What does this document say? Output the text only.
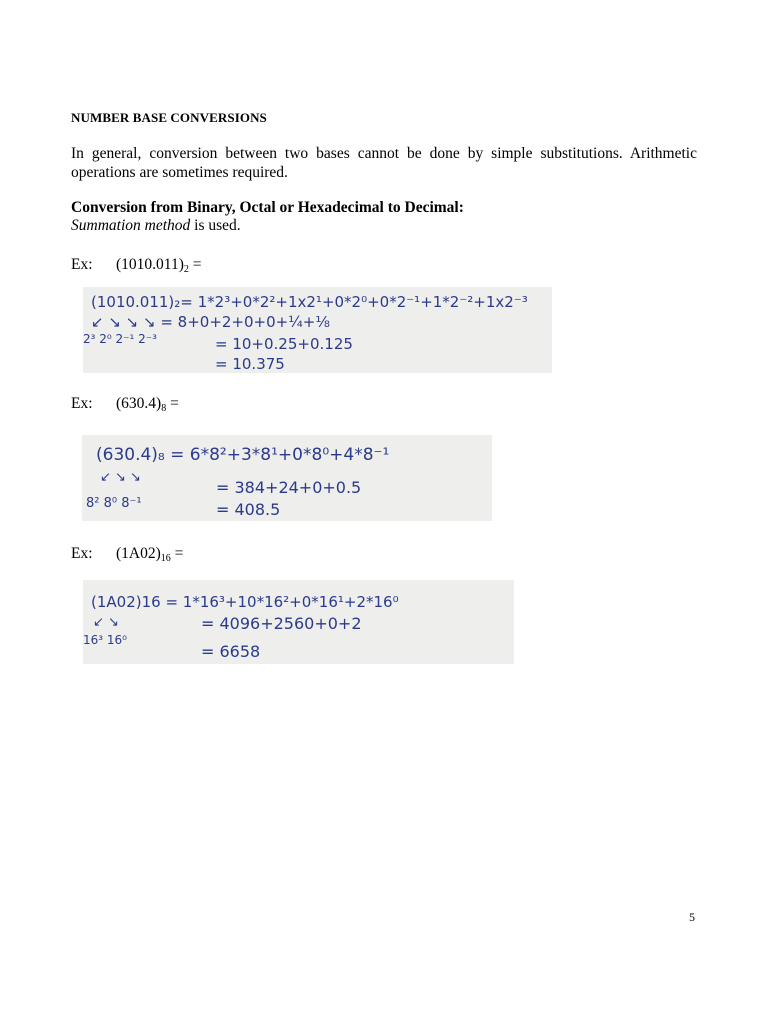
NUMBER BASE CONVERSIONS
In general, conversion between two bases cannot be done by simple substitutions. Arithmetic operations are sometimes required.
Conversion from Binary, Octal or Hexadecimal to Decimal:
Summation method is used.
Ex: $(1010.011)_2$ =
(1010.011)₂= 1*2³+0*2²+1x2¹+0*2⁰+0*2⁻¹+1*2⁻²+1x2⁻³
↙ ↘ ↘ ↘ = 8+0+2+0+0+¼+⅛
2³ 2⁰ 2⁻¹ 2⁻³	= 10+0.25+0.125
= 10.375
Ex: $(630.4)_8$ =
(630.4)₈ = 6*8²+3*8¹+0*8⁰+4*8⁻¹
↙ ↘ ↘
8² 8⁰ 8⁻¹
= 384+24+0+0.5
= 408.5
Ex: $(1A02)_{16}$ =
(1A02)16 = 1*16³+10*16²+0*16¹+2*16⁰
↙ ↘
16³ 16⁰
= 4096+2560+0+2
= 6658
5
